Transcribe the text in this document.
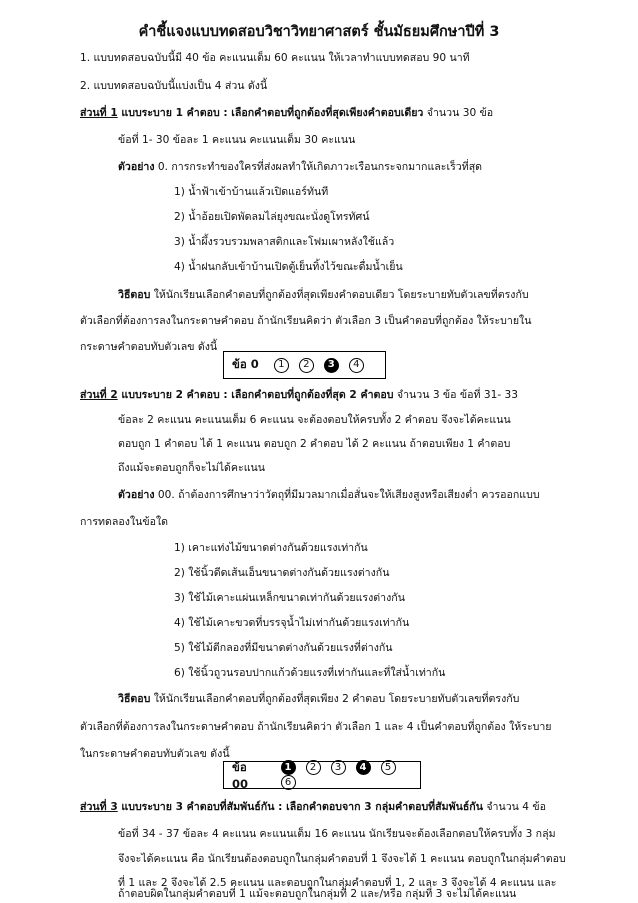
คำชี้แจงแบบทดสอบวิชาวิทยาศาสตร์ ชั้นมัธยมศึกษาปีที่ 3
1. แบบทดสอบฉบับนี้มี 40 ข้อ คะแนนเต็ม 60 คะแนน ให้เวลาทำแบบทดสอบ 90 นาที
2. แบบทดสอบฉบับนี้แบ่งเป็น 4 ส่วน ดังนี้
ส่วนที่ 1 แบบระบาย 1 คำตอบ : เลือกคำตอบที่ถูกต้องที่สุดเพียงคำตอบเดียว จำนวน 30 ข้อ
ข้อที่ 1- 30 ข้อละ 1 คะแนน คะแนนเต็ม 30 คะแนน
ตัวอย่าง 0. การกระทำของใครที่ส่งผลทำให้เกิดภาวะเรือนกระจกมากและเร็วที่สุด
1) น้ำฟ้าเข้าบ้านแล้วเปิดแอร์ทันที
2) น้ำอ้อยเปิดพัดลมไล่ยุงขณะนั่งดูโทรทัศน์
3) น้ำผึ้งรวบรวมพลาสติกและโฟมเผาหลังใช้แล้ว
4) น้ำฝนกลับเข้าบ้านเปิดตู้เย็นทิ้งไว้ขณะดื่มน้ำเย็น
วิธีตอบ ให้นักเรียนเลือกคำตอบที่ถูกต้องที่สุดเพียงคำตอบเดียว โดยระบายทับตัวเลขที่ตรงกับ
ตัวเลือกที่ต้องการลงในกระดาษคำตอบ ถ้านักเรียนคิดว่า ตัวเลือก 3 เป็นคำตอบที่ถูกต้อง ให้ระบายใน
กระดาษคำตอบทับตัวเลข ดังนี้
ข้อ 0	1 2 3 4
ส่วนที่ 2 แบบระบาย 2 คำตอบ : เลือกคำตอบที่ถูกต้องที่สุด 2 คำตอบ จำนวน 3 ข้อ ข้อที่ 31- 33
ข้อละ 2 คะแนน คะแนนเต็ม 6 คะแนน จะต้องตอบให้ครบทั้ง 2 คำตอบ จึงจะได้คะแนน
ตอบถูก 1 คำตอบ ได้ 1 คะแนน ตอบถูก 2 คำตอบ ได้ 2 คะแนน ถ้าตอบเพียง 1 คำตอบ
ถึงแม้จะตอบถูกก็จะไม่ได้คะแนน
ตัวอย่าง 00. ถ้าต้องการศึกษาว่าวัตถุที่มีมวลมากเมื่อสั่นจะให้เสียงสูงหรือเสียงต่ำ ควรออกแบบ
การทดลองในข้อใด
1) เคาะแท่งไม้ขนาดต่างกันด้วยแรงเท่ากัน
2) ใช้นิ้วดีดเส้นเอ็นขนาดต่างกันด้วยแรงต่างกัน
3) ใช้ไม้เคาะแผ่นเหล็กขนาดเท่ากันด้วยแรงต่างกัน
4) ใช้ไม้เคาะขวดที่บรรจุน้ำไม่เท่ากันด้วยแรงเท่ากัน
5) ใช้ไม้ตีกลองที่มีขนาดต่างกันด้วยแรงที่ต่างกัน
6) ใช้นิ้วถูวนรอบปากแก้วด้วยแรงที่เท่ากันและที่ใส่น้ำเท่ากัน
วิธีตอบ ให้นักเรียนเลือกคำตอบที่ถูกต้องที่สุดเพียง 2 คำตอบ โดยระบายทับตัวเลขที่ตรงกับ
ตัวเลือกที่ต้องการลงในกระดาษคำตอบ ถ้านักเรียนคิดว่า ตัวเลือก 1 และ 4 เป็นคำตอบที่ถูกต้อง ให้ระบาย
ในกระดาษคำตอบทับตัวเลข ดังนี้
ข้อ 00
1 2 3 4 56
ส่วนที่ 3 แบบระบาย 3 คำตอบที่สัมพันธ์กัน : เลือกคำตอบจาก 3 กลุ่มคำตอบที่สัมพันธ์กัน จำนวน 4 ข้อ
ข้อที่ 34 - 37 ข้อละ 4 คะแนน คะแนนเต็ม 16 คะแนน นักเรียนจะต้องเลือกตอบให้ครบทั้ง 3 กลุ่ม
จึงจะได้คะแนน คือ นักเรียนต้องตอบถูกในกลุ่มคำตอบที่ 1 จึงจะได้ 1 คะแนน ตอบถูกในกลุ่มคำตอบ
ที่ 1 และ 2 จึงจะได้ 2.5 คะแนน และตอบถูกในกลุ่มคำตอบที่ 1, 2 และ 3 จึงจะได้ 4 คะแนน และ
ถ้าตอบผิดในกลุ่มคำตอบที่ 1 แม้จะตอบถูกในกลุ่มที่ 2 และ/หรือ กลุ่มที่ 3 จะไม่ได้คะแนน
